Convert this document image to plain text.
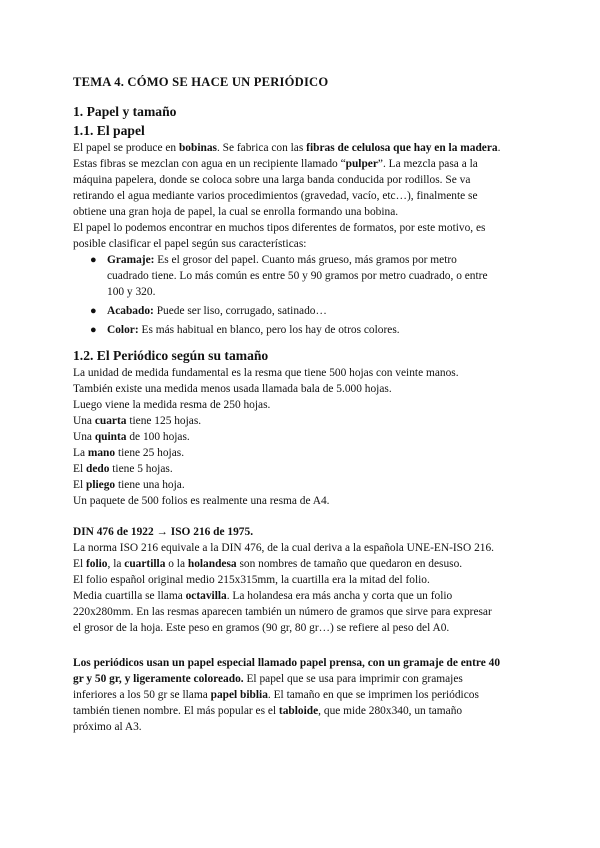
TEMA 4. CÓMO SE HACE UN PERIÓDICO
1. Papel y tamaño
1.1. El papel

El papel se produce en bobinas. Se fabrica con las fibras de celulosa que hay en la madera.

Estas fibras se mezclan con agua en un recipiente llamado “pulper”. La mezcla pasa a la

máquina papelera, donde se coloca sobre una larga banda conducida por rodillos. Se va

retirando el agua mediante varios procedimientos (gravedad, vacío, etc…), finalmente se

obtiene una gran hoja de papel, la cual se enrolla formando una bobina.

El papel lo podemos encontrar en muchos tipos diferentes de formatos, por este motivo, es

posible clasificar el papel según sus características:

● Gramaje: Es el grosor del papel. Cuanto más grueso, más gramos por metro
cuadrado tiene. Lo más común es entre 50 y 90 gramos por metro cuadrado, o entre
100 y 320.
● Acabado: Puede ser liso, corrugado, satinado…
● Color: Es más habitual en blanco, pero los hay de otros colores.
1.2. El Periódico según su tamaño

La unidad de medida fundamental es la resma que tiene 500 hojas con veinte manos.

También existe una medida menos usada llamada bala de 5.000 hojas.

Luego viene la medida resma de 250 hojas.

Una cuarta tiene 125 hojas.

Una quinta de 100 hojas.

La mano tiene 25 hojas.

El dedo tiene 5 hojas.

El pliego tiene una hoja.

Un paquete de 500 folios es realmente una resma de A4.

DIN 476 de 1922 → ISO 216 de 1975.

La norma ISO 216 equivale a la DIN 476, de la cual deriva a la española UNE-EN-ISO 216.

El folio, la cuartilla o la holandesa son nombres de tamaño que quedaron en desuso.

El folio español original medio 215x315mm, la cuartilla era la mitad del folio.

Media cuartilla se llama octavilla. La holandesa era más ancha y corta que un folio

220x280mm. En las resmas aparecen también un número de gramos que sirve para expresar

el grosor de la hoja. Este peso en gramos (90 gr, 80 gr…) se refiere al peso del A0.

Los periódicos usan un papel especial llamado papel prensa, con un gramaje de entre 40

gr y 50 gr, y ligeramente coloreado. El papel que se usa para imprimir con gramajes

inferiores a los 50 gr se llama papel biblia. El tamaño en que se imprimen los periódicos

también tienen nombre. El más popular es el tabloide, que mide 280x340, un tamaño

próximo al A3.
